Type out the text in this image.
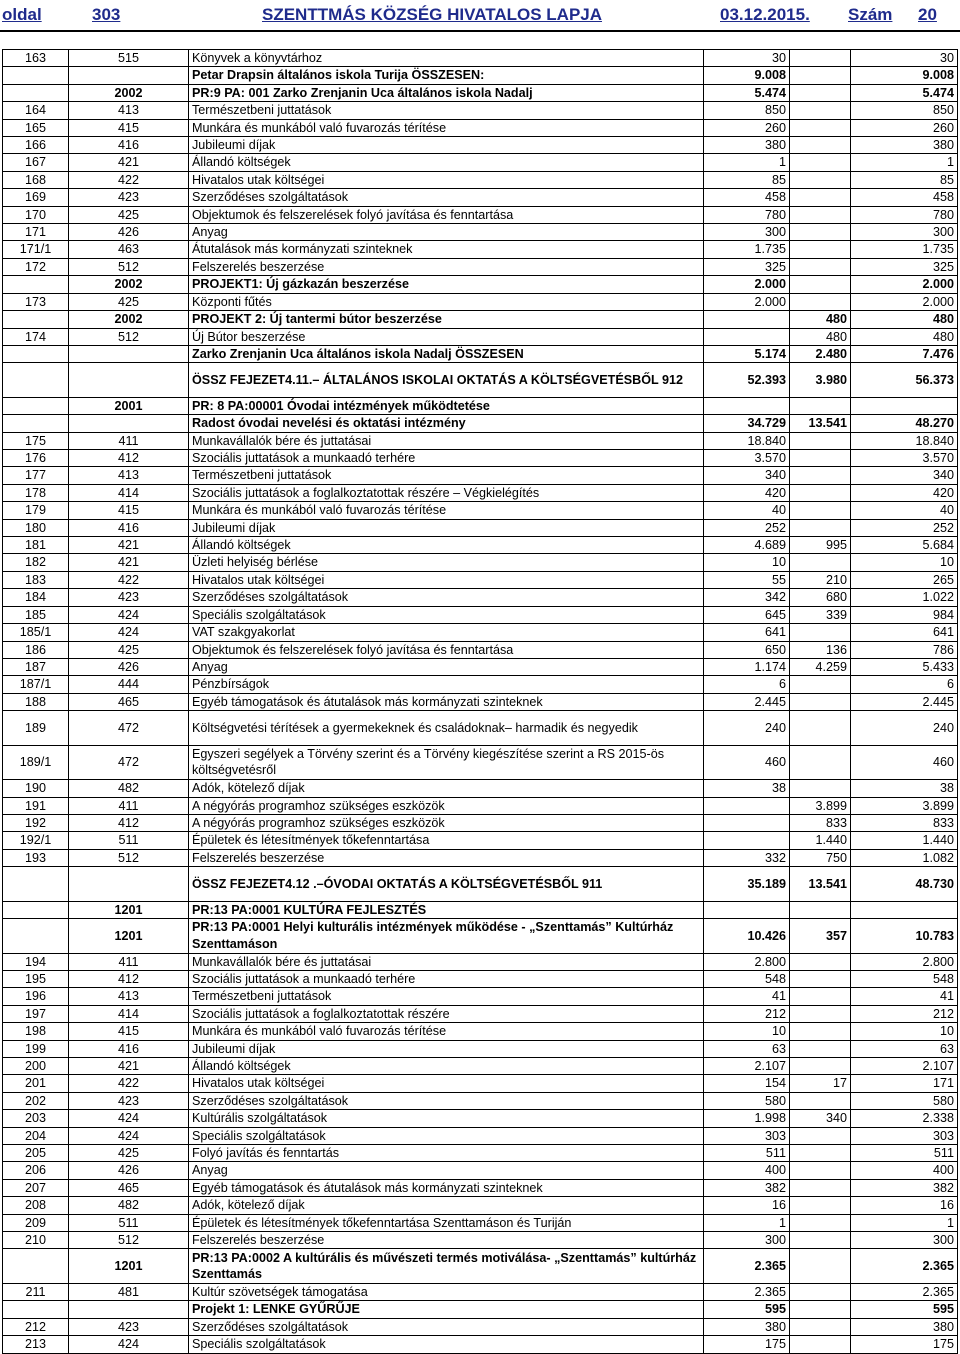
oldal	303	SZENTTMÁS KÖZSÉG HIVATALOS LAPJA	03.12.2015. Szám 20
163	515	Könyvek a könyvtárhoz	30		30
		Petar Drapsin általános iskola Turija ÖSSZESEN:	9.008		9.008
	2002	PR:9 PA: 001 Zarko Zrenjanin Uca általános iskola Nadalj	5.474		5.474
164	413	Természetbeni juttatások	850		850
165	415	Munkára és munkából való fuvarozás térítése	260		260
166	416	Jubileumi díjak	380		380
167	421	Állandó költségek	1		1
168	422	Hivatalos utak költségei	85		85
169	423	Szerződéses szolgáltatások	458		458
170	425	Objektumok és felszerelések folyó javítása és fenntartása	780		780
171	426	Anyag	300		300
171/1	463	Átutalások más kormányzati szinteknek	1.735		1.735
172	512	Felszerelés beszerzése	325		325
	2002	PROJEKT1: Új gázkazán beszerzése	2.000		2.000
173	425	Központi fűtés	2.000		2.000
	2002	PROJEKT 2: Új tantermi bútor beszerzése		480	480
174	512	Új Bútor beszerzése		480	480
		Zarko Zrenjanin Uca általános iskola Nadalj ÖSSZESEN	5.174	2.480	7.476
		ÖSSZ FEJEZET4.11.– ÁLTALÁNOS ISKOLAI OKTATÁS A KÖLTSÉGVETÉSBŐL 912	52.393	3.980	56.373
	2001	PR: 8 PA:00001 Óvodai intézmények működtetése			
		Radost óvodai nevelési és oktatási intézmény	34.729	13.541	48.270
175	411	Munkavállalók bére és juttatásai	18.840		18.840
176	412	Szociális juttatások a munkaadó terhére	3.570		3.570
177	413	Természetbeni juttatások	340		340
178	414	Szociális juttatások a foglalkoztatottak részére – Végkielégítés	420		420
179	415	Munkára és munkából való fuvarozás térítése	40		40
180	416	Jubileumi díjak	252		252
181	421	Állandó költségek	4.689	995	5.684
182	421	Üzleti helyiség bérlése	10		10
183	422	Hivatalos utak költségei	55	210	265
184	423	Szerződéses szolgáltatások	342	680	1.022
185	424	Speciális szolgáltatások	645	339	984
185/1	424	VAT szakgyakorlat	641		641
186	425	Objektumok és felszerelések folyó javítása és fenntartása	650	136	786
187	426	Anyag	1.174	4.259	5.433
187/1	444	Pénzbírságok	6		6
188	465	Egyéb támogatások és átutalások más kormányzati szinteknek	2.445		2.445
189	472	Költségvetési térítések a gyermekeknek és családoknak– harmadik és negyedik	240		240
189/1	472	Egyszeri segélyek a Törvény szerint és a Törvény kiegészítése szerint a RS 2015-ös költségvetésről	460		460
190	482	Adók, kötelező díjak	38		38
191	411	A négyórás programhoz szükséges eszközök		3.899	3.899
192	412	A négyórás programhoz szükséges eszközök		833	833
192/1	511	Épületek és létesítmények tőkefenntartása		1.440	1.440
193	512	Felszerelés beszerzése	332	750	1.082
		ÖSSZ FEJEZET4.12 .–ÓVODAI OKTATÁS A KÖLTSÉGVETÉSBŐL 911	35.189	13.541	48.730
	1201	PR:13 PA:0001 KULTÚRA FEJLESZTÉS			
	1201	PR:13 PA:0001 Helyi kulturális intézmények működése - „Szenttamás” Kultúrház Szenttamáson	10.426	357	10.783
194	411	Munkavállalók bére és juttatásai	2.800		2.800
195	412	Szociális juttatások a munkaadó terhére	548		548
196	413	Természetbeni juttatások	41		41
197	414	Szociális juttatások a foglalkoztatottak részére	212		212
198	415	Munkára és munkából való fuvarozás térítése	10		10
199	416	Jubileumi díjak	63		63
200	421	Állandó költségek	2.107		2.107
201	422	Hivatalos utak költségei	154	17	171
202	423	Szerződéses szolgáltatások	580		580
203	424	Kultúrális szolgáltatások	1.998	340	2.338
204	424	Speciális szolgáltatások	303		303
205	425	Folyó javítás és fenntartás	511		511
206	426	Anyag	400		400
207	465	Egyéb támogatások és átutalások más kormányzati szinteknek	382		382
208	482	Adók, kötelező díjak	16		16
209	511	Épületek és létesítmények tőkefenntartása Szenttamáson és Turiján	1		1
210	512	Felszerelés beszerzése	300		300
	1201	PR:13 PA:0002 A kultúrális és művészeti termés motiválása- „Szenttamás” kultúrház Szenttamás	2.365		2.365
211	481	Kultúr szövetségek támogatása	2.365		2.365
		Projekt 1: LENKE GYŰRŰJE	595		595
212	423	Szerződéses szolgáltatások	380		380
213	424	Speciális szolgáltatások	175		175
